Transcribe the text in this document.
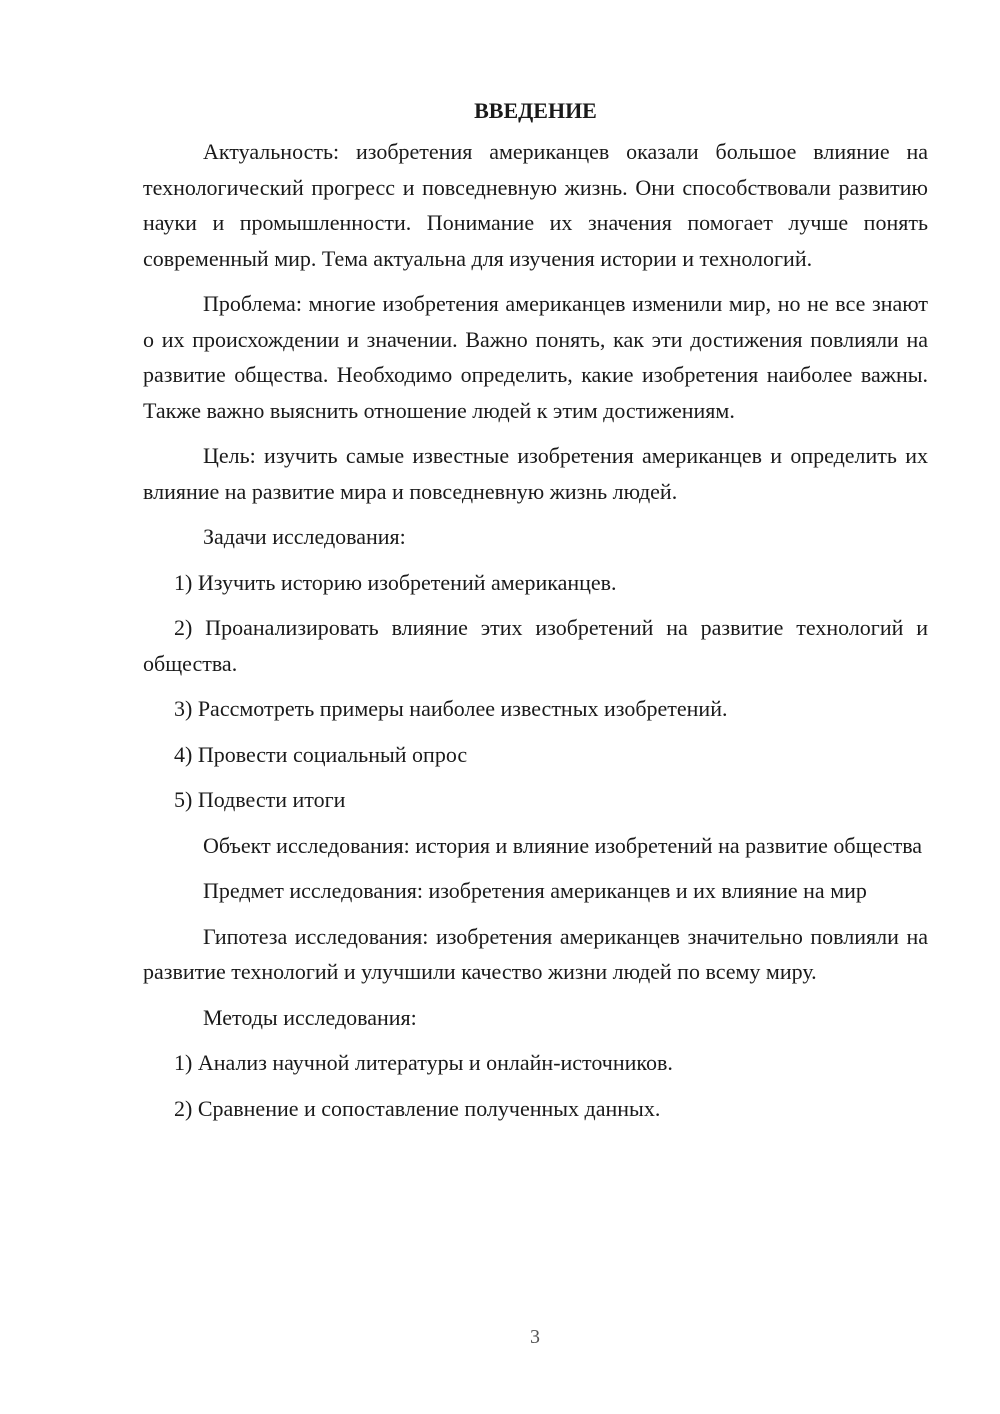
ВВЕДЕНИЕ

Актуальность: изобретения американцев оказали большое влияние на технологический прогресс и повседневную жизнь. Они способствовали развитию науки и промышленности. Понимание их значения помогает лучше понять современный мир. Тема актуальна для изучения истории и технологий.

Проблема: многие изобретения американцев изменили мир, но не все знают о их происхождении и значении. Важно понять, как эти достижения повлияли на развитие общества. Необходимо определить, какие изобретения наиболее важны. Также важно выяснить отношение людей к этим достижениям.

Цель: изучить самые известные изобретения американцев и определить их влияние на развитие мира и повседневную жизнь людей.

Задачи исследования:

1) Изучить историю изобретений американцев.

2) Проанализировать влияние этих изобретений на развитие технологий и общества.

3) Рассмотреть примеры наиболее известных изобретений.

4) Провести социальный опрос

5) Подвести итоги

Объект исследования: история и влияние изобретений на развитие общества

Предмет исследования: изобретения американцев и их влияние на мир

Гипотеза исследования: изобретения американцев значительно повлияли на развитие технологий и улучшили качество жизни людей по всему миру.

Методы исследования:

1) Анализ научной литературы и онлайн-источников.

2) Сравнение и сопоставление полученных данных.

3
